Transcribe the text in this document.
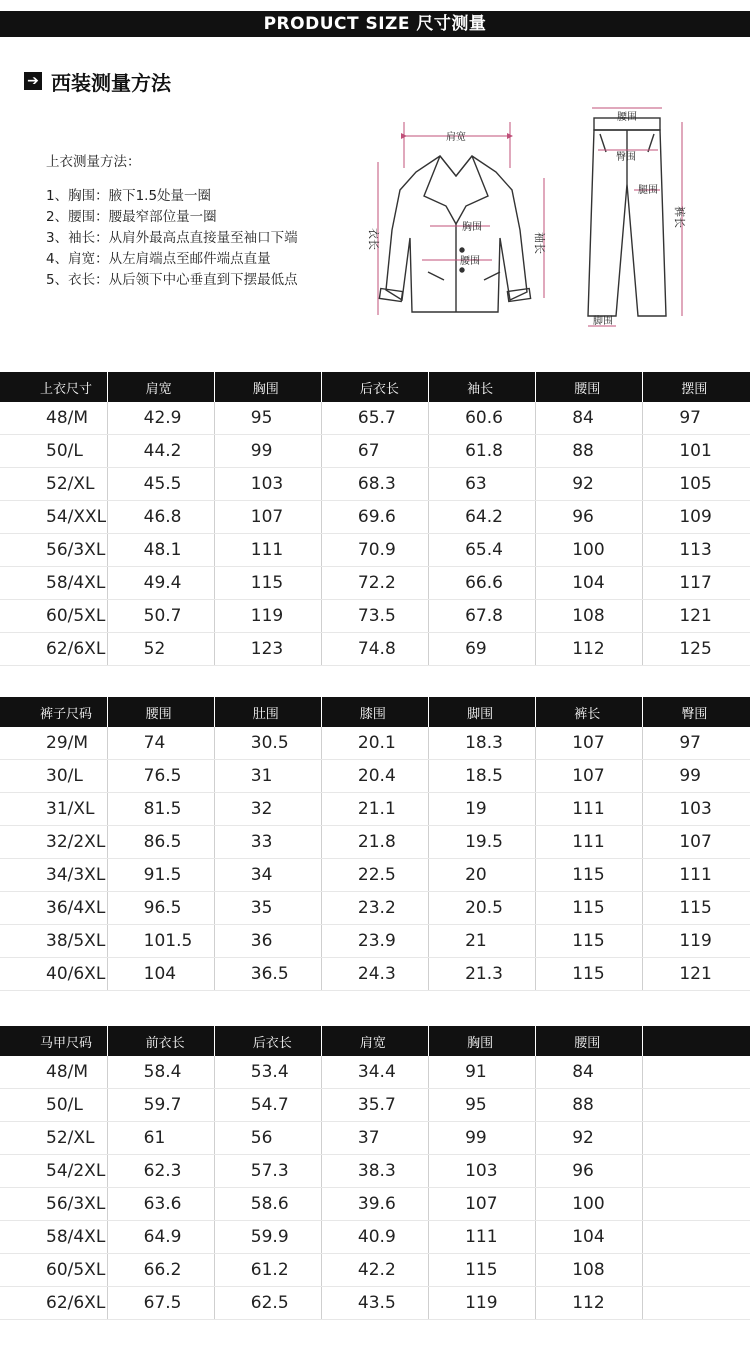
PRODUCT SIZE 尺寸测量
➔ 西装测量方法
上衣测量方法：
1、胸围：腋下1.5处量一圈
2、腰围：腰最窄部位量一圈
3、袖长：从肩外最高点直接量至袖口下端
4、肩宽：从左肩端点至邮件端点直量
5、衣长：从后领下中心垂直到下摆最低点
肩宽
胸围
腰围
衣长	袖长
腰围
臀围
腿围
裤长
脚围
上衣尺寸	肩宽	胸围	后衣长	袖长	腰围	摆围
48/M	42.9	95	65.7	60.6	84	97
50/L	44.2	99	67	61.8	88	101
52/XL	45.5	103	68.3	63	92	105
54/XXL	46.8	107	69.6	64.2	96	109
56/3XL	48.1	111	70.9	65.4	100	113
58/4XL	49.4	115	72.2	66.6	104	117
60/5XL	50.7	119	73.5	67.8	108	121
62/6XL	52	123	74.8	69	112	125
裤子尺码	腰围	肚围	膝围	脚围	裤长	臀围
29/M	74	30.5	20.1	18.3	107	97
30/L	76.5	31	20.4	18.5	107	99
31/XL	81.5	32	21.1	19	111	103
32/2XL	86.5	33	21.8	19.5	111	107
34/3XL	91.5	34	22.5	20	115	111
36/4XL	96.5	35	23.2	20.5	115	115
38/5XL	101.5	36	23.9	21	115	119
40/6XL	104	36.5	24.3	21.3	115	121
马甲尺码	前衣长	后衣长	肩宽	胸围	腰围	
48/M	58.4	53.4	34.4	91	84	
50/L	59.7	54.7	35.7	95	88	
52/XL	61	56	37	99	92	
54/2XL	62.3	57.3	38.3	103	96	
56/3XL	63.6	58.6	39.6	107	100	
58/4XL	64.9	59.9	40.9	111	104	
60/5XL	66.2	61.2	42.2	115	108	
62/6XL	67.5	62.5	43.5	119	112	
